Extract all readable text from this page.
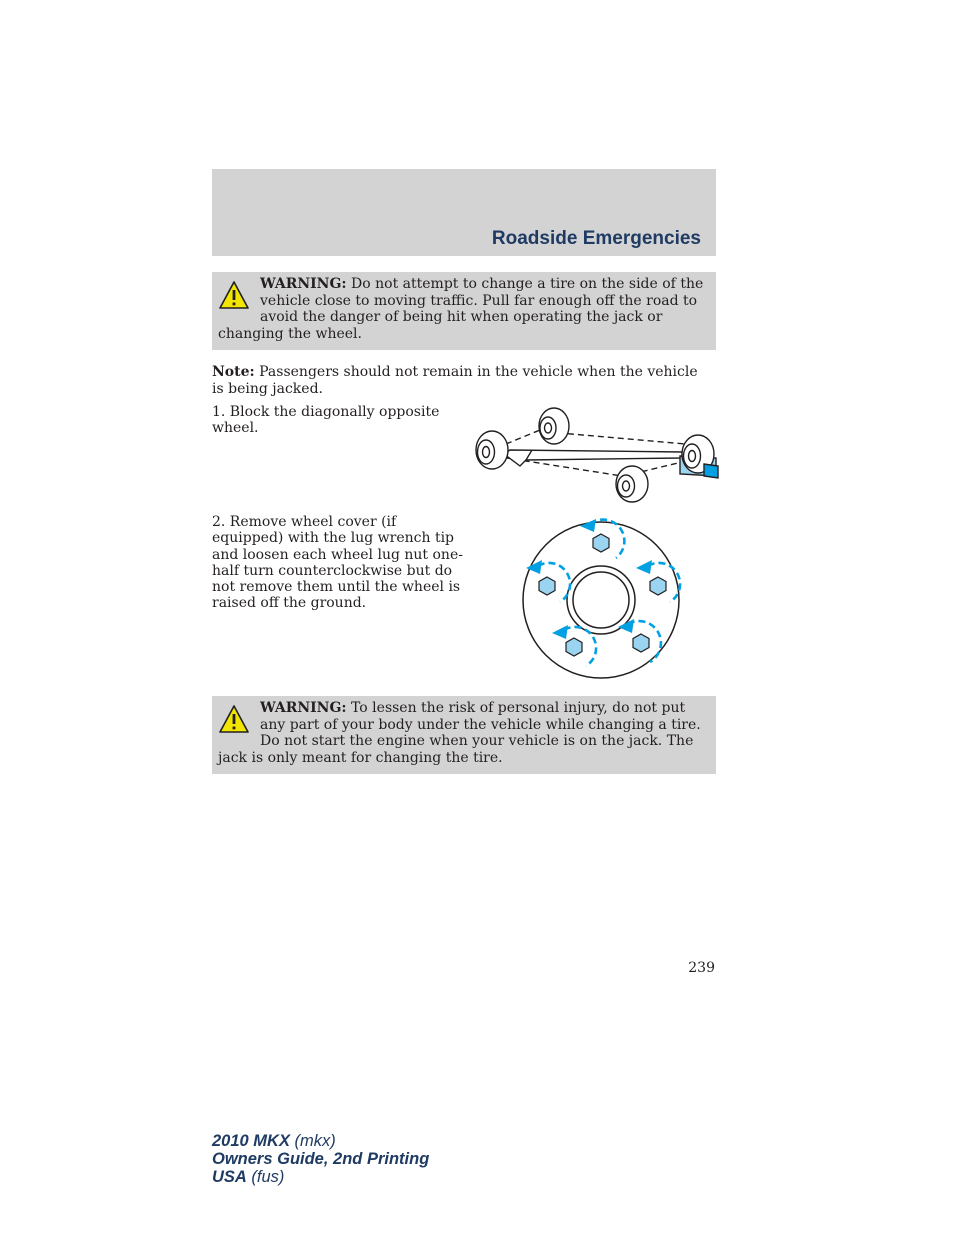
Roadside Emergencies
WARNING: Do not attempt to change a tire on the side of the vehicle close to moving traffic. Pull far enough off the road to avoid the danger of being hit when operating the jack or changing the wheel.
Note: Passengers should not remain in the vehicle when the vehicle is being jacked.
1. Block the diagonally opposite wheel.
2. Remove wheel cover (if equipped) with the lug wrench tip and loosen each wheel lug nut one-half turn counterclockwise but do not remove them until the wheel is raised off the ground.
WARNING: To lessen the risk of personal injury, do not put any part of your body under the vehicle while changing a tire. Do not start the engine when your vehicle is on the jack. The jack is only meant for changing the tire.
239
2010 MKX (mkx)
Owners Guide, 2nd Printing
USA (fus)
